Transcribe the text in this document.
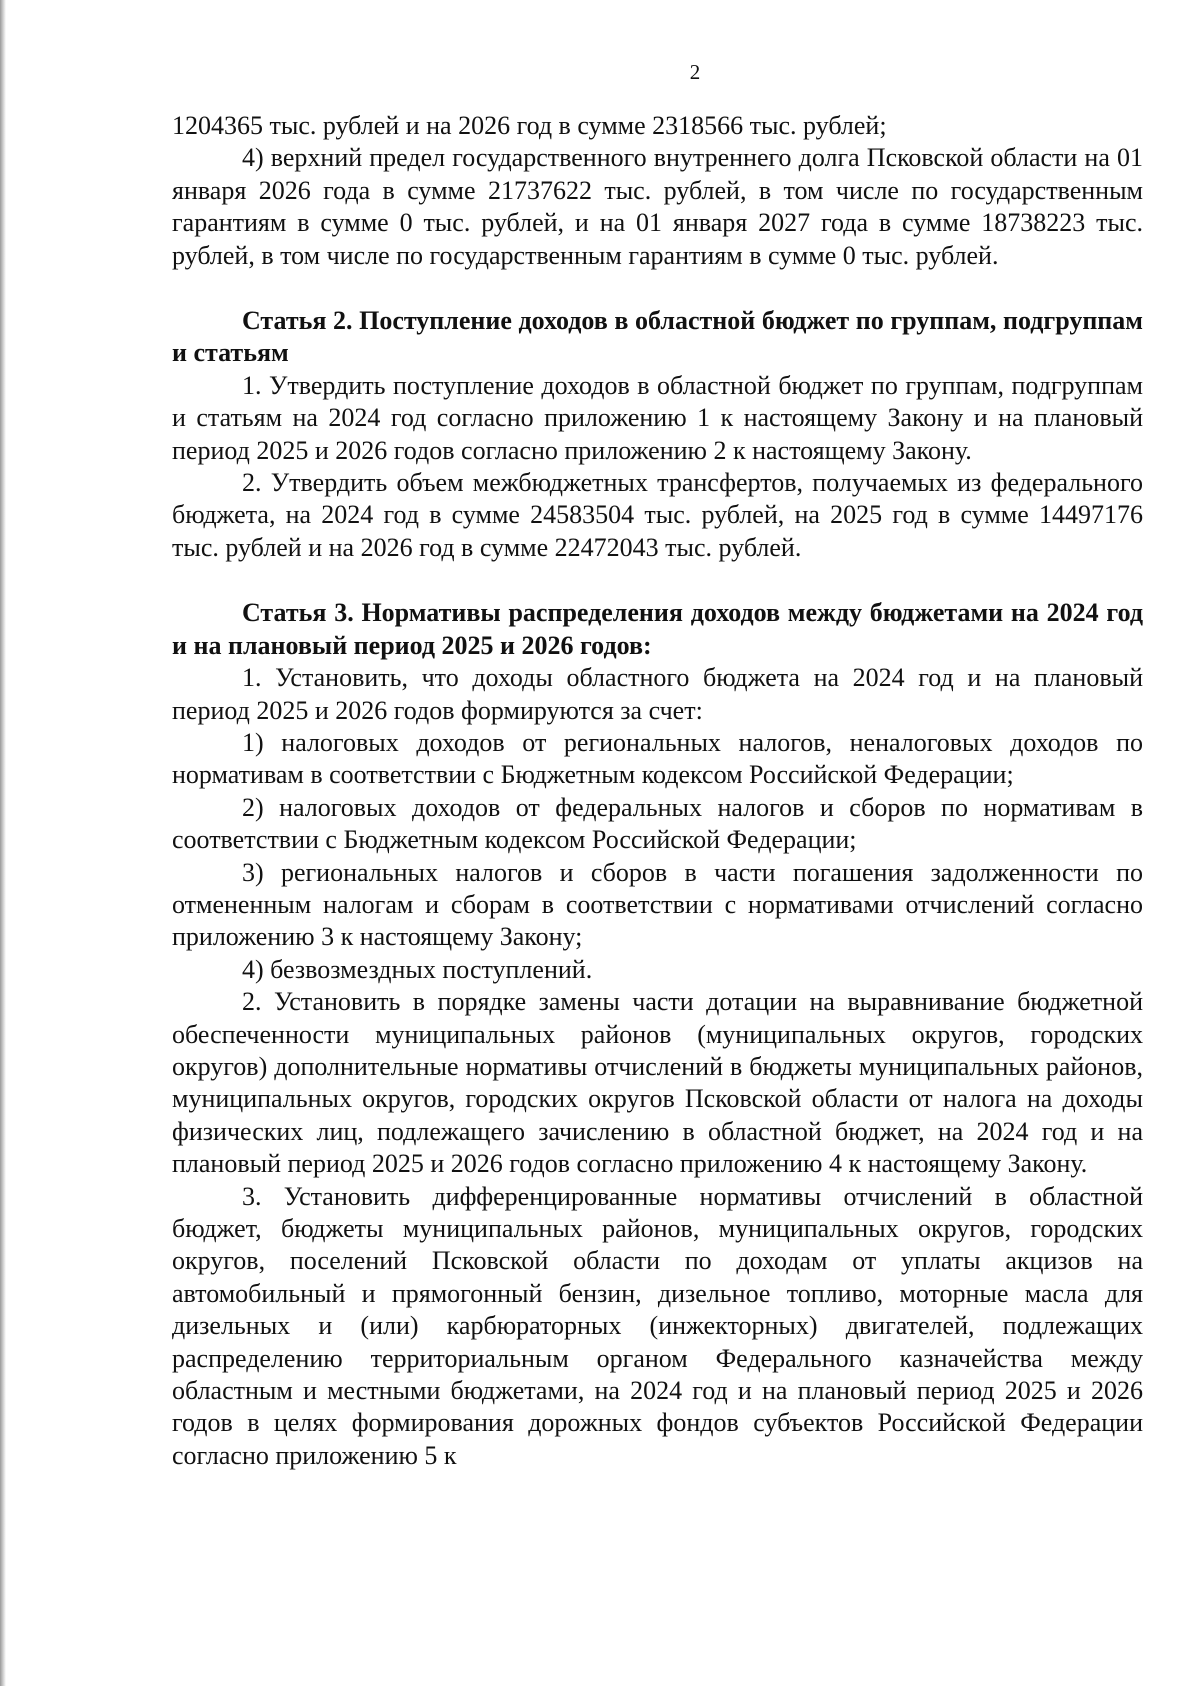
2

1204365 тыс. рублей и на 2026 год в сумме 2318566 тыс. рублей;

4) верхний предел государственного внутреннего долга Псковской области на 01 января 2026 года в сумме 21737622 тыс. рублей, в том числе по государственным гарантиям в сумме 0 тыс. рублей, и на 01 января 2027 года в сумме 18738223 тыс. рублей, в том числе по государственным гарантиям в сумме 0 тыс. рублей.

Статья 2. Поступление доходов в областной бюджет по группам, подгруппам и статьям

1. Утвердить поступление доходов в областной бюджет по группам, подгруппам и статьям на 2024 год согласно приложению 1 к настоящему Закону и на плановый период 2025 и 2026 годов согласно приложению 2 к настоящему Закону.

2. Утвердить объем межбюджетных трансфертов, получаемых из федерального бюджета, на 2024 год в сумме 24583504 тыс. рублей, на 2025 год в сумме 14497176 тыс. рублей и на 2026 год в сумме 22472043 тыс. рублей.

Статья 3. Нормативы распределения доходов между бюджетами на 2024 год и на плановый период 2025 и 2026 годов:

1. Установить, что доходы областного бюджета на 2024 год и на плановый период 2025 и 2026 годов формируются за счет:

1) налоговых доходов от региональных налогов, неналоговых доходов по нормативам в соответствии с Бюджетным кодексом Российской Федерации;

2) налоговых доходов от федеральных налогов и сборов по нормативам в соответствии с Бюджетным кодексом Российской Федерации;

3) региональных налогов и сборов в части погашения задолженности по отмененным налогам и сборам в соответствии с нормативами отчислений согласно приложению 3 к настоящему Закону;

4) безвозмездных поступлений.

2. Установить в порядке замены части дотации на выравнивание бюджетной обеспеченности муниципальных районов (муниципальных округов, городских округов) дополнительные нормативы отчислений в бюджеты муниципальных районов, муниципальных округов, городских округов Псковской области от налога на доходы физических лиц, подлежащего зачислению в областной бюджет, на 2024 год и на плановый период 2025 и 2026 годов согласно приложению 4 к настоящему Закону.

3. Установить дифференцированные нормативы отчислений в областной бюджет, бюджеты муниципальных районов, муниципальных округов, городских округов, поселений Псковской области по доходам от уплаты акцизов на автомобильный и прямогонный бензин, дизельное топливо, моторные масла для дизельных и (или) карбюраторных (инжекторных) двигателей, подлежащих распределению территориальным органом Федерального казначейства между областным и местными бюджетами, на 2024 год и на плановый период 2025 и 2026 годов в целях формирования дорожных фондов субъектов Российской Федерации согласно приложению 5 к
